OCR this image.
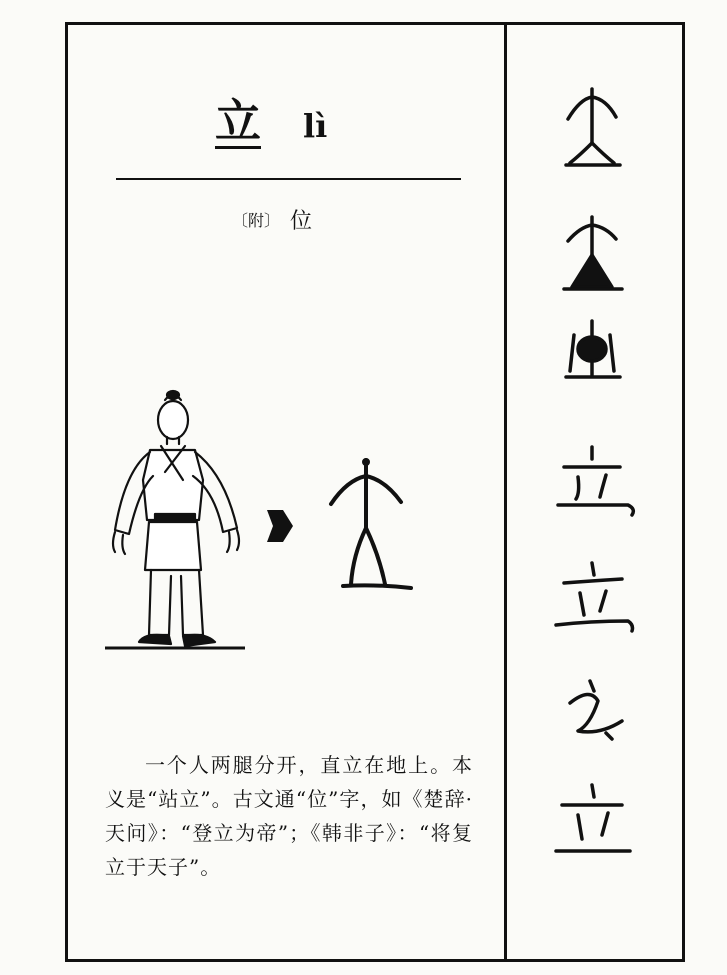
立 lì
〔附〕 位

一个人两腿分开，直立在地上。本义是“站立”。古文通“位”字，如《楚辞·天问》：“登立为帝”；《韩非子》：“将复立于天子”。
